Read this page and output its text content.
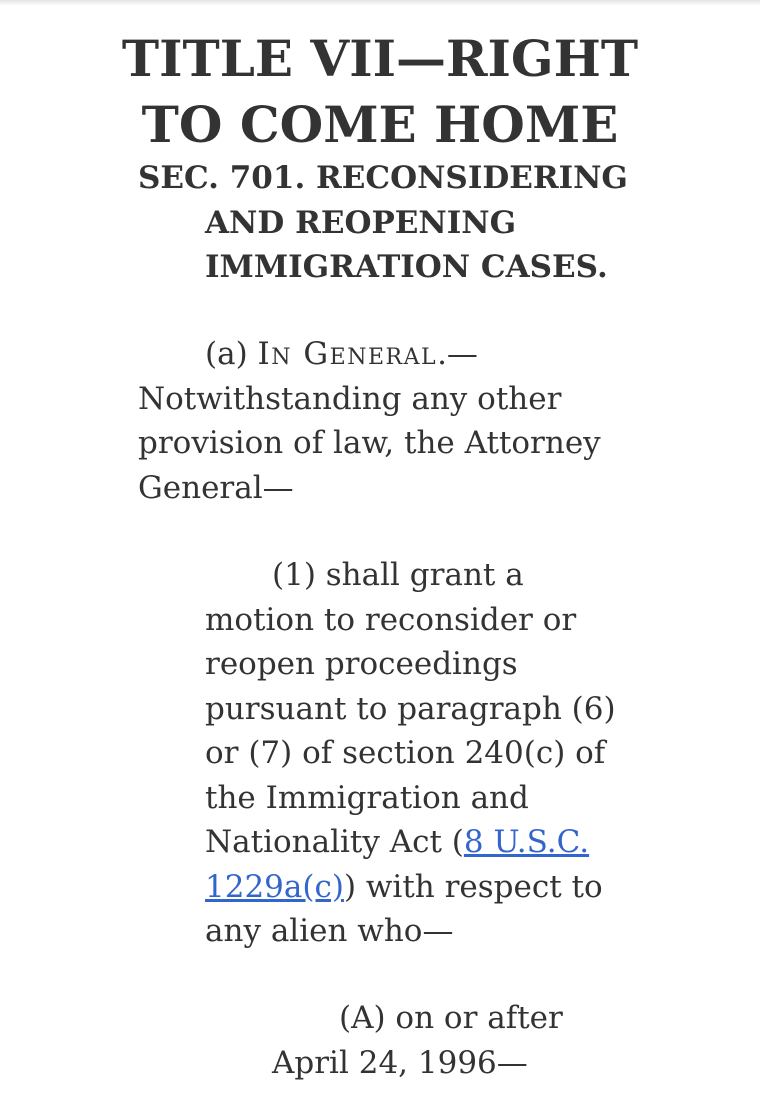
TITLE VII—RIGHT
TO COME HOME
SEC. 701. RECONSIDERING
AND REOPENING
IMMIGRATION CASES.
(a) In General.—
Notwithstanding any other
provision of law, the Attorney
General—
(1) shall grant a
motion to reconsider or
reopen proceedings
pursuant to paragraph (6)
or (7) of section 240(c) of
the Immigration and
Nationality Act (8 U.S.C.
1229a(c)) with respect to
any alien who—
(A) on or after
April 24, 1996—
